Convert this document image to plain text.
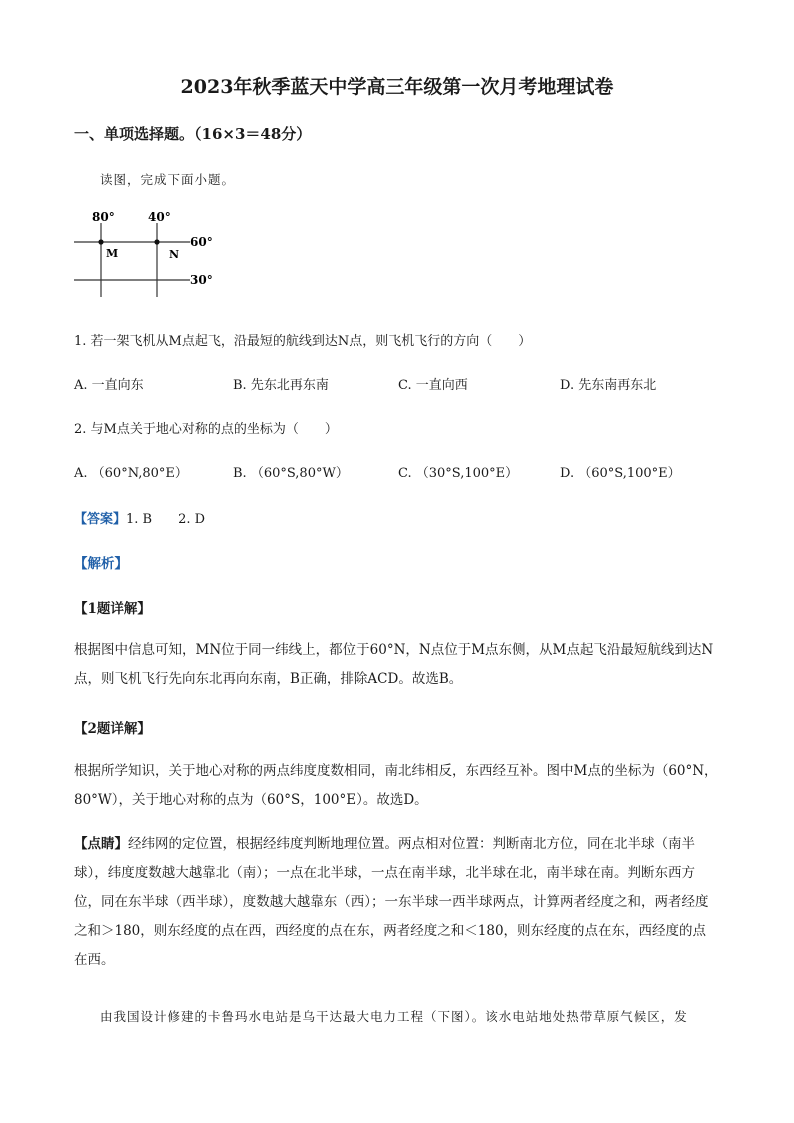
2023年秋季蓝天中学高三年级第一次月考地理试卷
一、单项选择题。（16×3＝48分）
读图，完成下面小题。
80°	40°
60°
30°
M	N
1. 若一架飞机从M点起飞，沿最短的航线到达N点，则飞机飞行的方向（　　）
A. 一直向东	B. 先东北再东南	C. 一直向西	D. 先东南再东北
2. 与M点关于地心对称的点的坐标为（　　）
A. （60°N,80°E）	B. （60°S,80°W）	C. （30°S,100°E）	D. （60°S,100°E）
【答案】1. B　　2. D
【解析】
【1题详解】
根据图中信息可知，MN位于同一纬线上，都位于60°N，N点位于M点东侧，从M点起飞沿最短航线到达N点，则飞机飞行先向东北再向东南，B正确，排除ACD。故选B。
【2题详解】
根据所学知识，关于地心对称的两点纬度度数相同，南北纬相反，东西经互补。图中M点的坐标为（60°N，80°W），关于地心对称的点为（60°S，100°E）。故选D。
【点睛】经纬网的定位置，根据经纬度判断地理位置。两点相对位置：判断南北方位，同在北半球（南半球），纬度度数越大越靠北（南）；一点在北半球，一点在南半球，北半球在北，南半球在南。判断东西方位，同在东半球（西半球），度数越大越靠东（西）；一东半球一西半球两点，计算两者经度之和，两者经度之和＞180，则东经度的点在西，西经度的点在东，两者经度之和＜180，则东经度的点在东，西经度的点在西。
由我国设计修建的卡鲁玛水电站是乌干达最大电力工程（下图）。该水电站地处热带草原气候区，发
